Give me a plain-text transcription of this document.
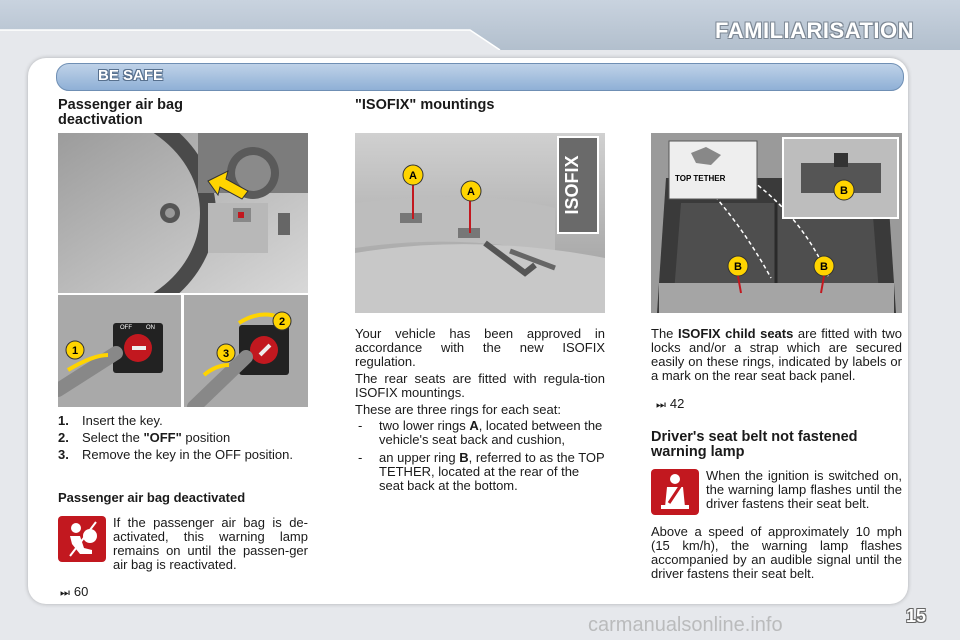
FAMILIARISATION
BE SAFE
Passenger air bag deactivation
1
OFF ON	2
3
1. Insert the key.
2. Select the "OFF" position
3. Remove the key in the OFF position.
Passenger air bag deactivated
If the passenger air bag is de-activated, this warning lamp remains on until the passen-ger air bag is reactivated.
⏭ 60
"ISOFIX" mountings
A
A	ISOFIX
Your vehicle has been approved in accordance with the new ISOFIX regulation.
The rear seats are fitted with regula-tion ISOFIX mountings.
These are three rings for each seat:
- two lower rings A, located between the vehicle's seat back and cushion,
- an upper ring B, referred to as the TOP TETHER, located at the rear of the seat back at the bottom.
TOP TETHER
B
B	B
The ISOFIX child seats are fitted with two locks and/or a strap which are secured easily on these rings, indicated by labels or a mark on the rear seat back panel.
⏭ 42
Driver's seat belt not fastened warning lamp
When the ignition is switched on, the warning lamp flashes until the driver fastens their seat belt.
Above a speed of approximately 10 mph (15 km/h), the warning lamp flashes accompanied by an audible signal until the driver fastens their seat belt.
15
carmanualsonline.info
